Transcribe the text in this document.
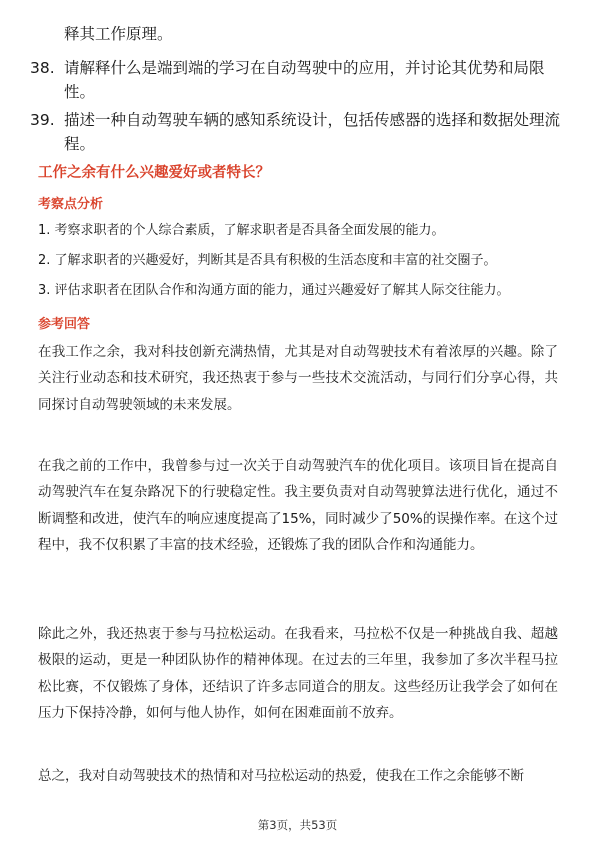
释其工作原理。

38. 请解释什么是端到端的学习在自动驾驶中的应用，并讨论其优势和局限性。
39. 描述一种自动驾驶车辆的感知系统设计，包括传感器的选择和数据处理流程。
工作之余有什么兴趣爱好或者特长？
考察点分析
1. 考察求职者的个人综合素质，了解求职者是否具备全面发展的能力。
2. 了解求职者的兴趣爱好，判断其是否具有积极的生活态度和丰富的社交圈子。
3. 评估求职者在团队合作和沟通方面的能力，通过兴趣爱好了解其人际交往能力。
参考回答

在我工作之余，我对科技创新充满热情，尤其是对自动驾驶技术有着浓厚的兴趣。除了关注行业动态和技术研究，我还热衷于参与一些技术交流活动，与同行们分享心得，共同探讨自动驾驶领域的未来发展。

在我之前的工作中，我曾参与过一次关于自动驾驶汽车的优化项目。该项目旨在提高自动驾驶汽车在复杂路况下的行驶稳定性。我主要负责对自动驾驶算法进行优化，通过不断调整和改进，使汽车的响应速度提高了15%，同时减少了50%的误操作率。在这个过程中，我不仅积累了丰富的技术经验，还锻炼了我的团队合作和沟通能力。

除此之外，我还热衷于参与马拉松运动。在我看来，马拉松不仅是一种挑战自我、超越极限的运动，更是一种团队协作的精神体现。在过去的三年里，我参加了多次半程马拉松比赛，不仅锻炼了身体，还结识了许多志同道合的朋友。这些经历让我学会了如何在压力下保持冷静，如何与他人协作，如何在困难面前不放弃。

总之，我对自动驾驶技术的热情和对马拉松运动的热爱，使我在工作之余能够不断

第3页，共53页
